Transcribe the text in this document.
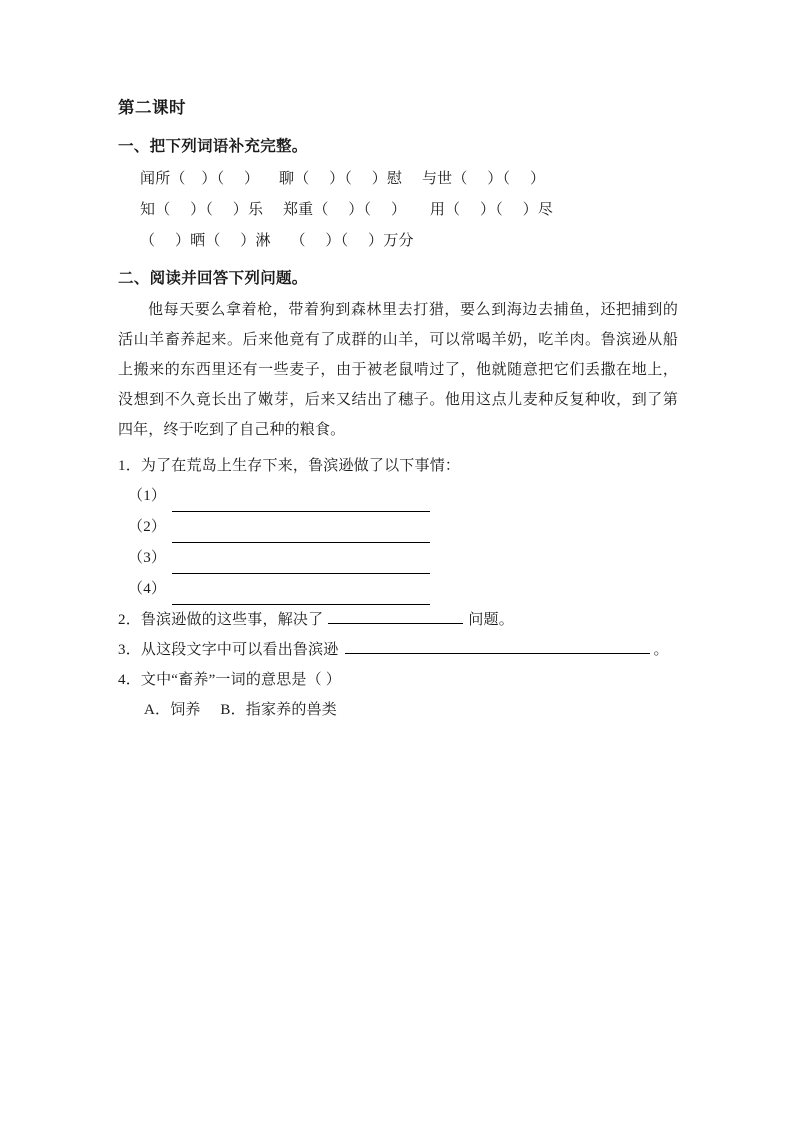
第二课时
一、把下列词语补充完整。
闻所（    ）（     ）     聊（     ）（     ）慰     与世（     ）（     ）
知（     ）（     ）乐     郑重（     ）（     ）      用（     ）（     ）尽
（     ）晒（     ）淋     （     ）（     ）万分
二、阅读并回答下列问题。
他每天要么拿着枪，带着狗到森林里去打猎，要么到海边去捕鱼，还把捕到的活山羊畜养起来。后来他竟有了成群的山羊，可以常喝羊奶，吃羊肉。鲁滨逊从船上搬来的东西里还有一些麦子，由于被老鼠啃过了，他就随意把它们丢撒在地上，没想到不久竟长出了嫩芽，后来又结出了穗子。他用这点儿麦种反复种收，到了第四年，终于吃到了自己种的粮食。
1． 为了在荒岛上生存下来，鲁滨逊做了以下事情：
（1）
（2）
（3）
（4）
2． 鲁滨逊做的这些事，解决了	问题。
3． 从这段文字中可以看出鲁滨逊	。
4． 文中“畜养”一词的意思是（ ）
A．饲养     B．指家养的兽类
